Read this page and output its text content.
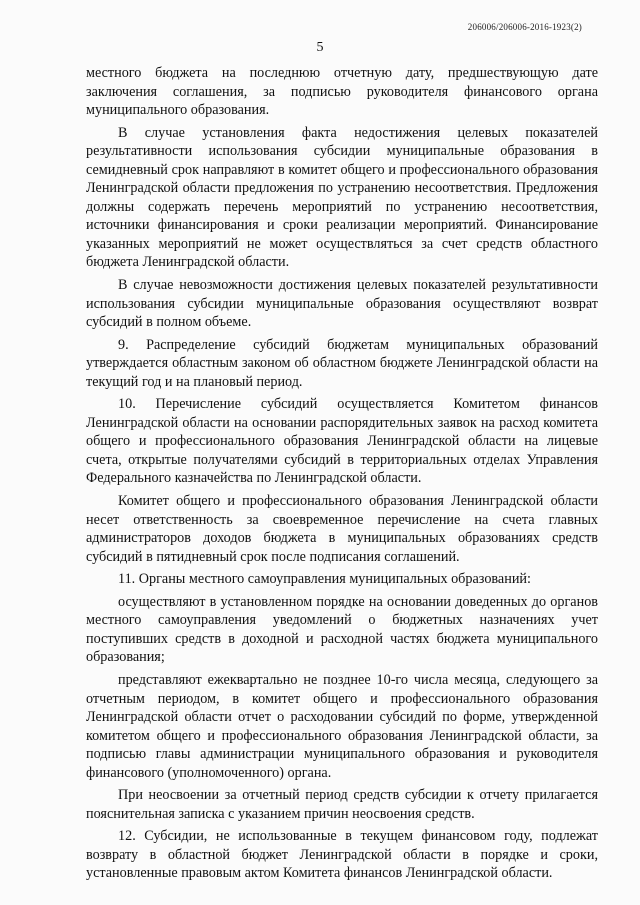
206006/206006-2016-1923(2)
5

местного бюджета на последнюю отчетную дату, предшествующую дате заключения соглашения, за подписью руководителя финансового органа муниципального образования.

В случае установления факта недостижения целевых показателей результативности использования субсидии муниципальные образования в семидневный срок направляют в комитет общего и профессионального образования Ленинградской области предложения по устранению несоответствия. Предложения должны содержать перечень мероприятий по устранению несоответствия, источники финансирования и сроки реализации мероприятий. Финансирование указанных мероприятий не может осуществляться за счет средств областного бюджета Ленинградской области.

В случае невозможности достижения целевых показателей результативности использования субсидии муниципальные образования осуществляют возврат субсидий в полном объеме.

9. Распределение субсидий бюджетам муниципальных образований утверждается областным законом об областном бюджете Ленинградской области на текущий год и на плановый период.

10. Перечисление субсидий осуществляется Комитетом финансов Ленинградской области на основании распорядительных заявок на расход комитета общего и профессионального образования Ленинградской области на лицевые счета, открытые получателями субсидий в территориальных отделах Управления Федерального казначейства по Ленинградской области.

Комитет общего и профессионального образования Ленинградской области несет ответственность за своевременное перечисление на счета главных администраторов доходов бюджета в муниципальных образованиях средств субсидий в пятидневный срок после подписания соглашений.

11. Органы местного самоуправления муниципальных образований:

осуществляют в установленном порядке на основании доведенных до органов местного самоуправления уведомлений о бюджетных назначениях учет поступивших средств в доходной и расходной частях бюджета муниципального образования;

представляют ежеквартально не позднее 10-го числа месяца, следующего за отчетным периодом, в комитет общего и профессионального образования Ленинградской области отчет о расходовании субсидий по форме, утвержденной комитетом общего и профессионального образования Ленинградской области, за подписью главы администрации муниципального образования и руководителя финансового (уполномоченного) органа.

При неосвоении за отчетный период средств субсидии к отчету прилагается пояснительная записка с указанием причин неосвоения средств.

12. Субсидии, не использованные в текущем финансовом году, подлежат возврату в областной бюджет Ленинградской области в порядке и сроки, установленные правовым актом Комитета финансов Ленинградской области.
